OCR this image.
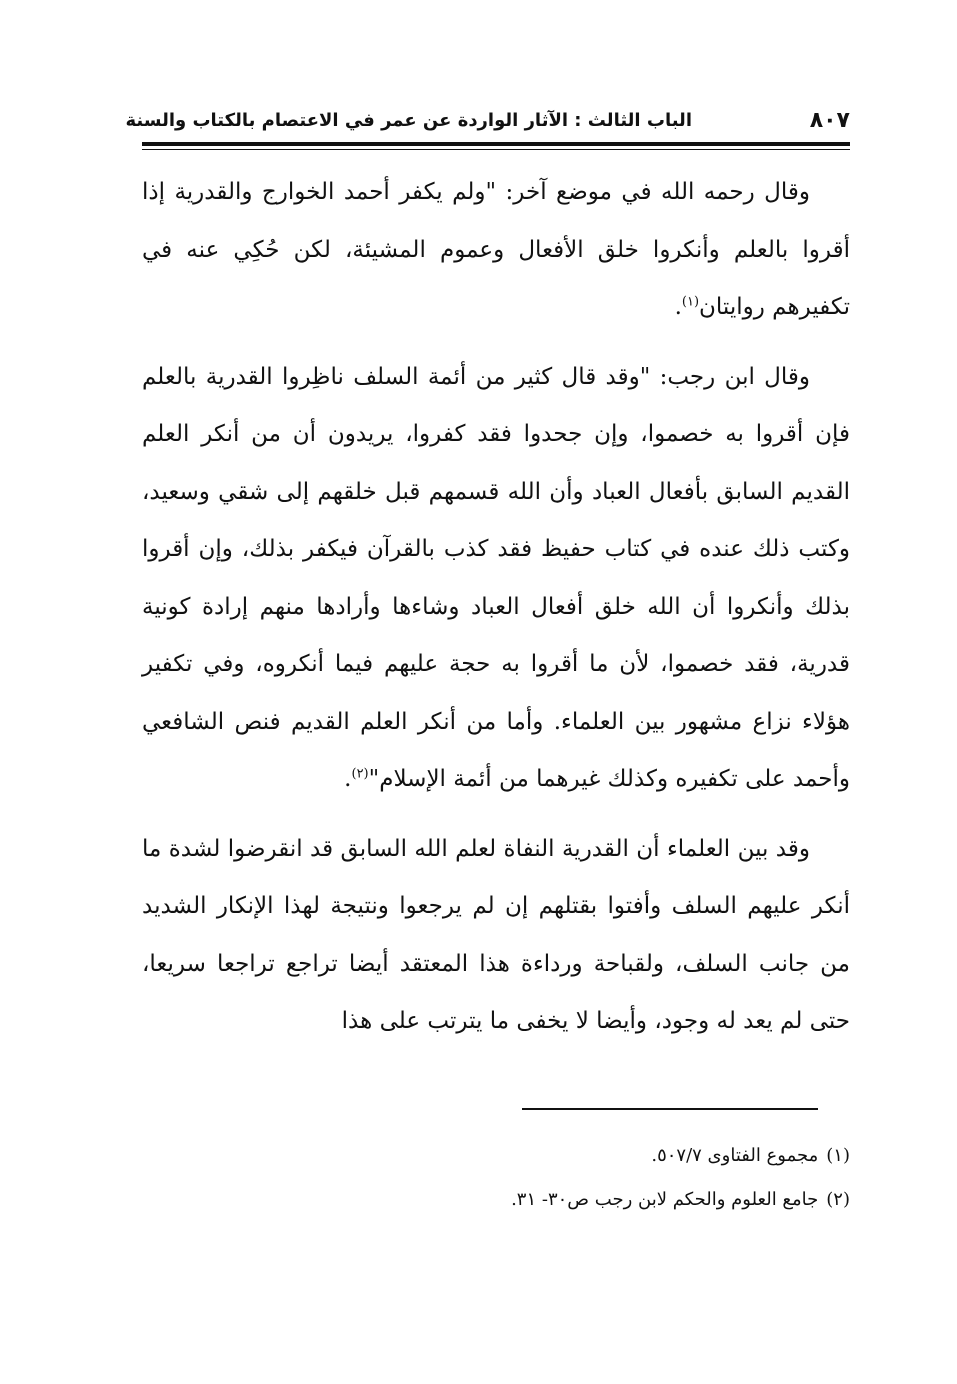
٨٠٧
الباب الثالث : الآثار الواردة عن عمر في الاعتصام بالكتاب والسنة

وقال رحمه الله في موضع آخر: "ولم يكفر أحمد الخوارج والقدرية إذا أقروا بالعلم وأنكروا خلق الأفعال وعموم المشيئة، لكن حُكِي عنه في تكفيرهم روايتان$^{(١)}$.

وقال ابن رجب: "وقد قال كثير من أئمة السلف ناظِروا القدرية بالعلم فإن أقروا به خصموا، وإن جحدوا فقد كفروا، يريدون أن من أنكر العلم القديم السابق بأفعال العباد وأن الله قسمهم قبل خلقهم إلى شقي وسعيد، وكتب ذلك عنده في كتاب حفيظ فقد كذب بالقرآن فيكفر بذلك، وإن أقروا بذلك وأنكروا أن الله خلق أفعال العباد وشاءها وأرادها منهم إرادة كونية قدرية، فقد خصموا، لأن ما أقروا به حجة عليهم فيما أنكروه، وفي تكفير هؤلاء نزاع مشهور بين العلماء. وأما من أنكر العلم القديم فنص الشافعي وأحمد على تكفيره وكذلك غيرهما من أئمة الإسلام"$^{(٢)}$.

وقد بين العلماء أن القدرية النفاة لعلم الله السابق قد انقرضوا لشدة ما أنكر عليهم السلف وأفتوا بقتلهم إن لم يرجعوا ونتيجة لهذا الإنكار الشديد من جانب السلف، ولقباحة ورداءة هذا المعتقد أيضا تراجع تراجعا سريعا، حتى لم يعد له وجود، وأيضا لا يخفى ما يترتب على هذا

(١)مجموع الفتاوى ٥٠٧/٧.
(٢)جامع العلوم والحكم لابن رجب ص٣٠- ٣١.
